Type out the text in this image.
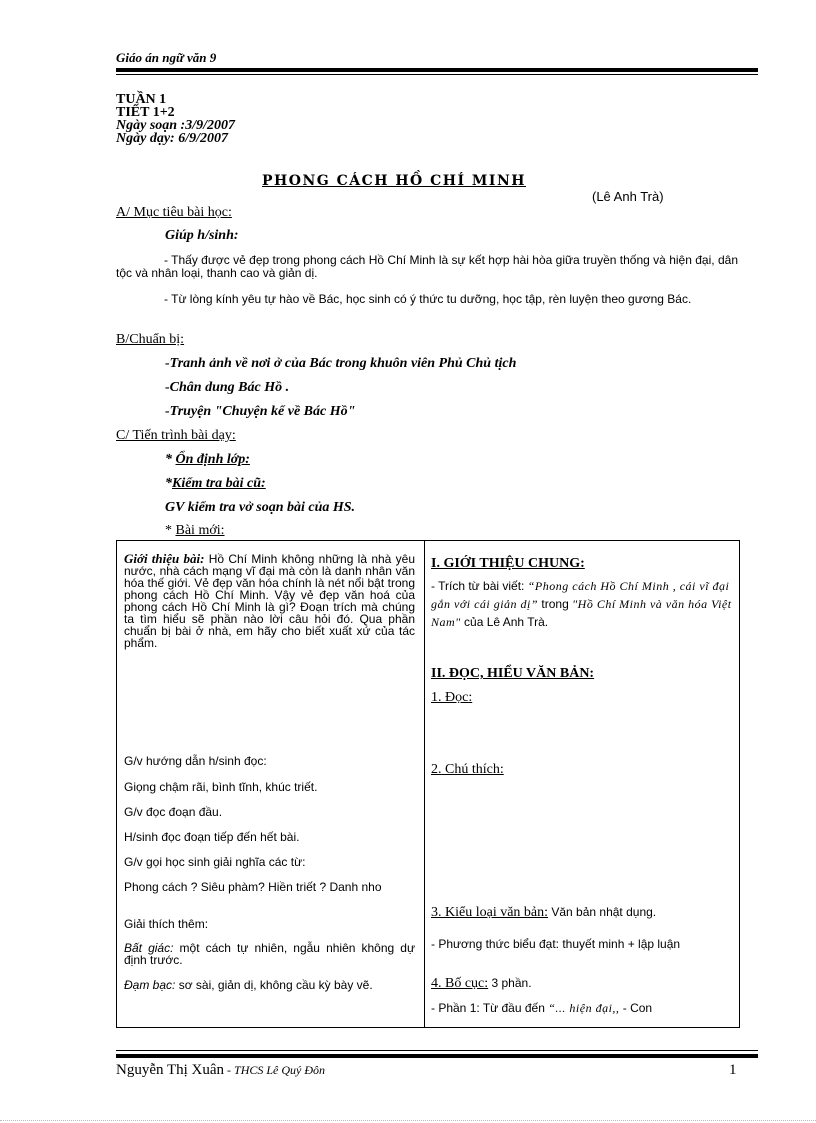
Giáo án ngữ văn 9
TUẦN 1
TIẾT 1+2
Ngày soạn :3/9/2007
Ngày dạy: 6/9/2007
PHONG CÁCH HỒ CHÍ MINH
(Lê Anh Trà)
A/ Mục tiêu bài học:
Giúp h/sinh:
- Thấy được vẻ đẹp trong phong cách Hồ Chí Minh là sự kết hợp hài hòa giữa truyền thống và hiện đại, dân tộc và nhân loại, thanh cao và giản dị.
- Từ lòng kính yêu tự hào về Bác, học sinh có ý thức tu dưỡng, học tập, rèn luyện theo gương Bác.
B/Chuẩn bị:
-Tranh ảnh về nơi ở của Bác trong khuôn viên Phủ Chủ tịch
-Chân dung Bác Hồ .
-Truyện "Chuyện kể về Bác Hồ"
C/ Tiến trình bài dạy:
* Ổn định lớp:
*Kiểm tra bài cũ:
GV kiểm tra vở soạn bài của HS.
* Bài mới:
Giới thiệu bài: Hồ Chí Minh không những là nhà yêu nước, nhà cách mạng vĩ đại mà còn là danh nhân văn hóa thế giới. Vẻ đẹp văn hóa chính là nét nổi bật trong phong cách Hồ Chí Minh. Vậy vẻ đẹp văn hoá của phong cách Hồ Chí Minh là gì? Đoạn trích mà chúng ta tìm hiểu sẽ phần nào lời câu hỏi đó. Qua phần chuẩn bị bài ở nhà, em hãy cho biết xuất xứ của tác phẩm.
G/v hướng dẫn h/sinh đọc:
Giọng chậm rãi, bình tĩnh, khúc triết.
G/v đọc đoạn đầu.
H/sinh đọc đoạn tiếp đến hết bài.
G/v gọi học sinh giải nghĩa các từ:
Phong cách ? Siêu phàm? Hiền triết ? Danh nho
Giải thích thêm:
Bất giác: một cách tự nhiên, ngẫu nhiên không dự định trước.
Đạm bạc: sơ sài, giản dị, không cầu kỳ bày vẽ.
I. GIỚI THIỆU CHUNG:
- Trích từ bài viết: “Phong cách Hồ Chí Minh , cái vĩ đại gắn với cái giản dị” trong "Hồ Chí Minh và văn hóa Việt Nam" của Lê Anh Trà.
II. ĐỌC, HIỂU VĂN BẢN:
1. Đọc:
2. Chú thích:
3. Kiểu loại văn bản: Văn bản nhật dụng.
- Phương thức biểu đạt: thuyết minh + lập luận
4. Bố cục: 3 phần.
- Phần 1: Từ đầu đến “... hiện đại,, - Con
Nguyễn Thị Xuân - THCS Lê Quý Đôn	1
